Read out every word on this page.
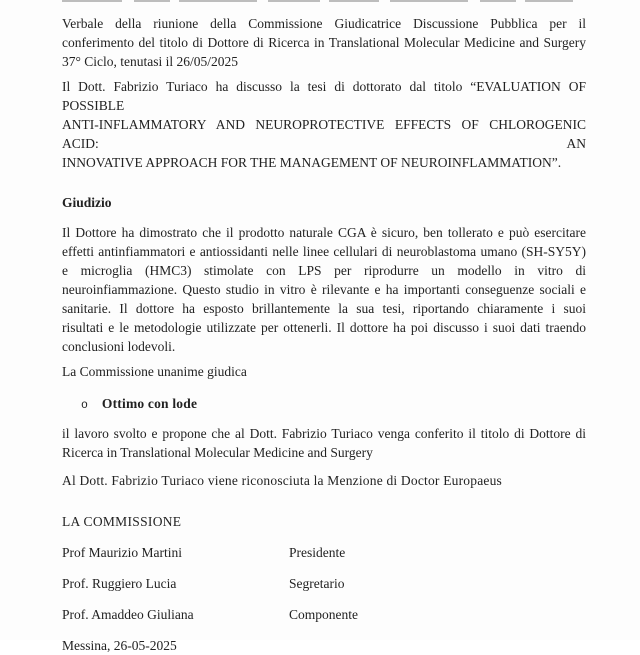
Verbale della riunione della Commissione Giudicatrice Discussione Pubblica per il
conferimento del titolo di Dottore di Ricerca in Translational Molecular Medicine and Surgery
37° Ciclo, tenutasi il 26/05/2025
Il Dott. Fabrizio Turiaco ha discusso la tesi di dottorato dal titolo “EVALUATION OF POSSIBLE
ANTI-INFLAMMATORY AND NEUROPROTECTIVE EFFECTS OF CHLOROGENIC ACID: AN
INNOVATIVE APPROACH FOR THE MANAGEMENT OF NEUROINFLAMMATION”.
Giudizio
Il Dottore ha dimostrato che il prodotto naturale CGA è sicuro, ben tollerato e può esercitare
effetti antinfiammatori e antiossidanti nelle linee cellulari di neuroblastoma umano (SH-SY5Y)
e microglia (HMC3) stimolate con LPS per riprodurre un modello in vitro di
neuroinfiammazione. Questo studio in vitro è rilevante e ha importanti conseguenze sociali e
sanitarie. Il dottore ha esposto brillantemente la sua tesi, riportando chiaramente i suoi
risultati e le metodologie utilizzate per ottenerli. Il dottore ha poi discusso i suoi dati traendo
conclusioni lodevoli.
La Commissione unanime giudica
o Ottimo con lode
il lavoro svolto e propone che al Dott. Fabrizio Turiaco venga conferito il titolo di Dottore di
Ricerca in Translational Molecular Medicine and Surgery
Al Dott. Fabrizio Turiaco viene riconosciuta la Menzione di Doctor Europaeus
LA COMMISSIONE
Prof Maurizio Martini	Presidente
Prof. Ruggiero Lucia	Segretario
Prof. Amaddeo Giuliana	Componente
Messina, 26-05-2025
